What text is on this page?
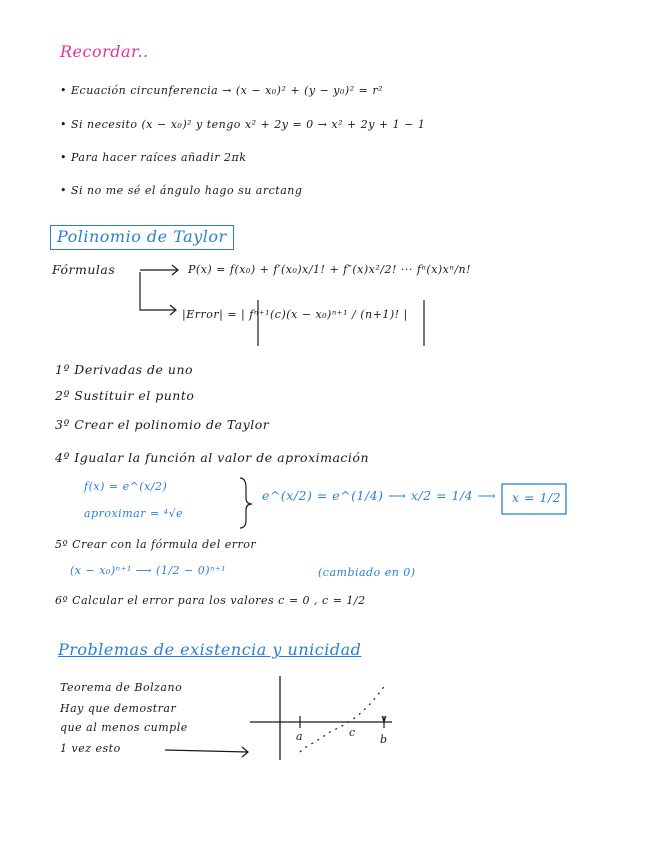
Recordar..
• Ecuación circunferencia → (x − x₀)² + (y − y₀)² = r²
• Si necesito (x − x₀)² y tengo x² + 2y = 0 → x² + 2y + 1 − 1
• Para hacer raíces añadir 2πk
• Si no me sé el ángulo hago su arctang
Polinomio de Taylor
Fórmulas	P(x) = f(x₀) + f′(x₀)x/1! + f″(x)x²/2! ··· fⁿ(x)xⁿ/n!
|Error| = | fⁿ⁺¹(c)(x − x₀)ⁿ⁺¹ / (n+1)! |
1º Derivadas de uno
2º Sustituir el punto
3º Crear el polinomio de Taylor
4º Igualar la función al valor de aproximación
f(x) = e^(x/2)
aproximar = ⁴√e
e^(x/2) = e^(1/4) ⟶ x/2 = 1/4 ⟶ x = 1/2
5º Crear con la fórmula del error
(x − x₀)ⁿ⁺¹ ⟶ (1/2 − 0)ⁿ⁺¹	(cambiado en 0)
6º Calcular el error para los valores c = 0 , c = 1/2
Problemas de existencia y unicidad
Teorema de Bolzano
Hay que demostrar
que al menos cumple
1 vez esto
a	c
b
